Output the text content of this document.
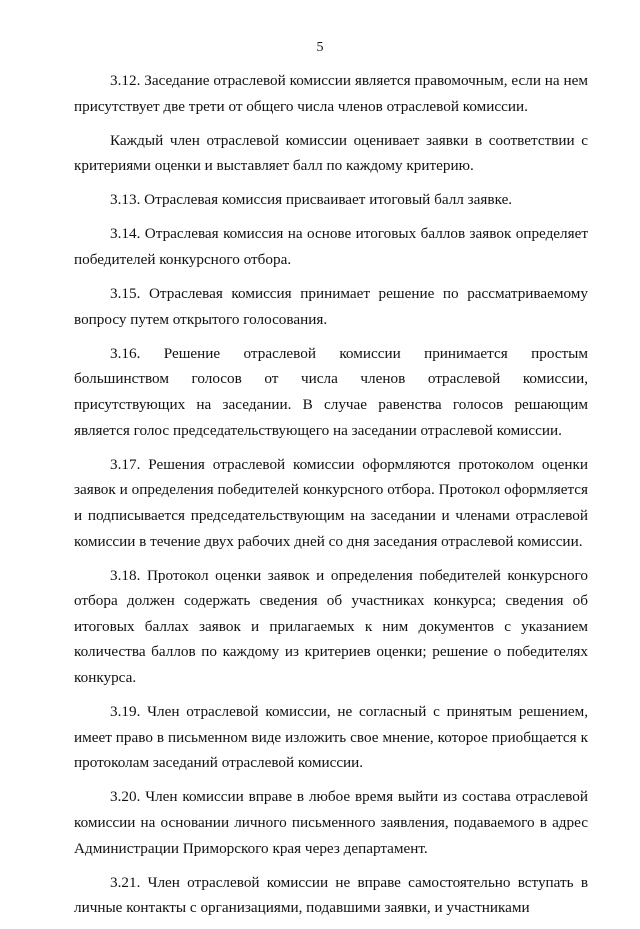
5

3.12. Заседание отраслевой комиссии является правомочным, если на нем присутствует две трети от общего числа членов отраслевой комиссии.

Каждый член отраслевой комиссии оценивает заявки в соответствии с критериями оценки и выставляет балл по каждому критерию.

3.13. Отраслевая комиссия присваивает итоговый балл заявке.

3.14. Отраслевая комиссия на основе итоговых баллов заявок определяет победителей конкурсного отбора.

3.15. Отраслевая комиссия принимает решение по рассматриваемому вопросу путем открытого голосования.

3.16. Решение отраслевой комиссии принимается простым большинством голосов от числа членов отраслевой комиссии, присутствующих на заседании. В случае равенства голосов решающим является голос председательствующего на заседании отраслевой комиссии.

3.17. Решения отраслевой комиссии оформляются протоколом оценки заявок и определения победителей конкурсного отбора. Протокол оформляется и подписывается председательствующим на заседании и членами отраслевой комиссии в течение двух рабочих дней со дня заседания отраслевой комиссии.

3.18. Протокол оценки заявок и определения победителей конкурсного отбора должен содержать сведения об участниках конкурса; сведения об итоговых баллах заявок и прилагаемых к ним документов с указанием количества баллов по каждому из критериев оценки; решение о победителях конкурса.

3.19. Член отраслевой комиссии, не согласный с принятым решением, имеет право в письменном виде изложить свое мнение, которое приобщается к протоколам заседаний отраслевой комиссии.

3.20. Член комиссии вправе в любое время выйти из состава отраслевой комиссии на основании личного письменного заявления, подаваемого в адрес Администрации Приморского края через департамент.

3.21. Член отраслевой комиссии не вправе самостоятельно вступать в личные контакты с организациями, подавшими заявки, и участниками
